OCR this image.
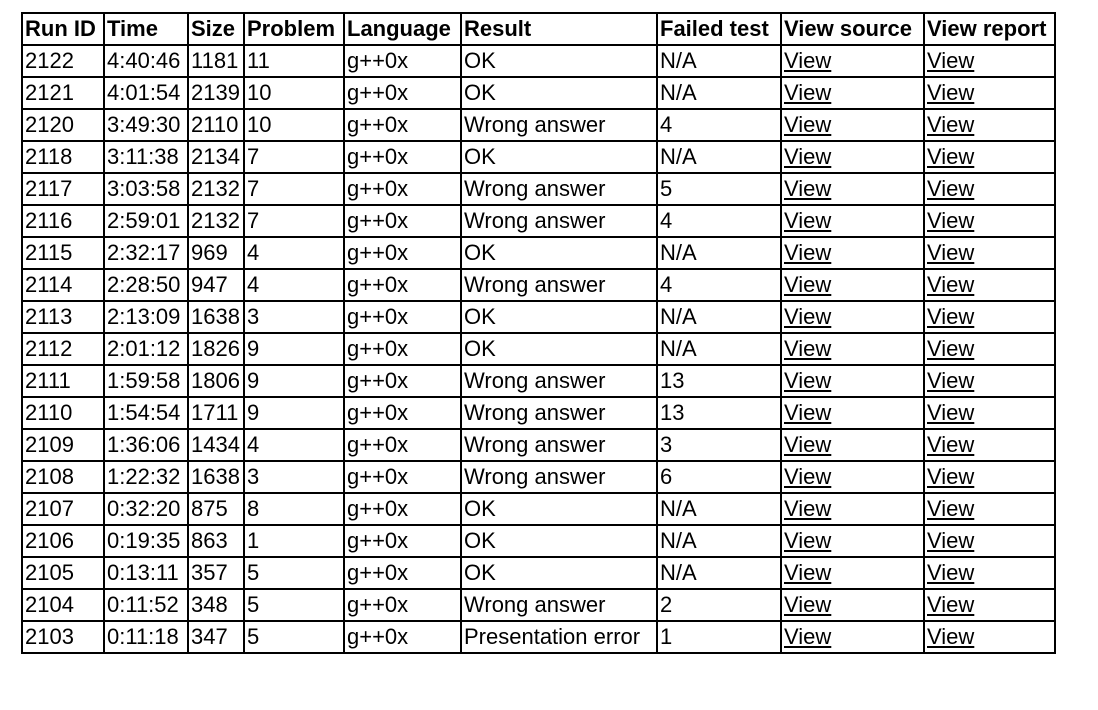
Run ID	Time	Size	Problem	Language	Result	Failed test	View source	View report
2122	4:40:46	1181	11	g++0x	OK	N/A	View	View
2121	4:01:54	2139	10	g++0x	OK	N/A	View	View
2120	3:49:30	2110	10	g++0x	Wrong answer	4	View	View
2118	3:11:38	2134	7	g++0x	OK	N/A	View	View
2117	3:03:58	2132	7	g++0x	Wrong answer	5	View	View
2116	2:59:01	2132	7	g++0x	Wrong answer	4	View	View
2115	2:32:17	969	4	g++0x	OK	N/A	View	View
2114	2:28:50	947	4	g++0x	Wrong answer	4	View	View
2113	2:13:09	1638	3	g++0x	OK	N/A	View	View
2112	2:01:12	1826	9	g++0x	OK	N/A	View	View
2111	1:59:58	1806	9	g++0x	Wrong answer	13	View	View
2110	1:54:54	1711	9	g++0x	Wrong answer	13	View	View
2109	1:36:06	1434	4	g++0x	Wrong answer	3	View	View
2108	1:22:32	1638	3	g++0x	Wrong answer	6	View	View
2107	0:32:20	875	8	g++0x	OK	N/A	View	View
2106	0:19:35	863	1	g++0x	OK	N/A	View	View
2105	0:13:11	357	5	g++0x	OK	N/A	View	View
2104	0:11:52	348	5	g++0x	Wrong answer	2	View	View
2103	0:11:18	347	5	g++0x	Presentation error	1	View	View
